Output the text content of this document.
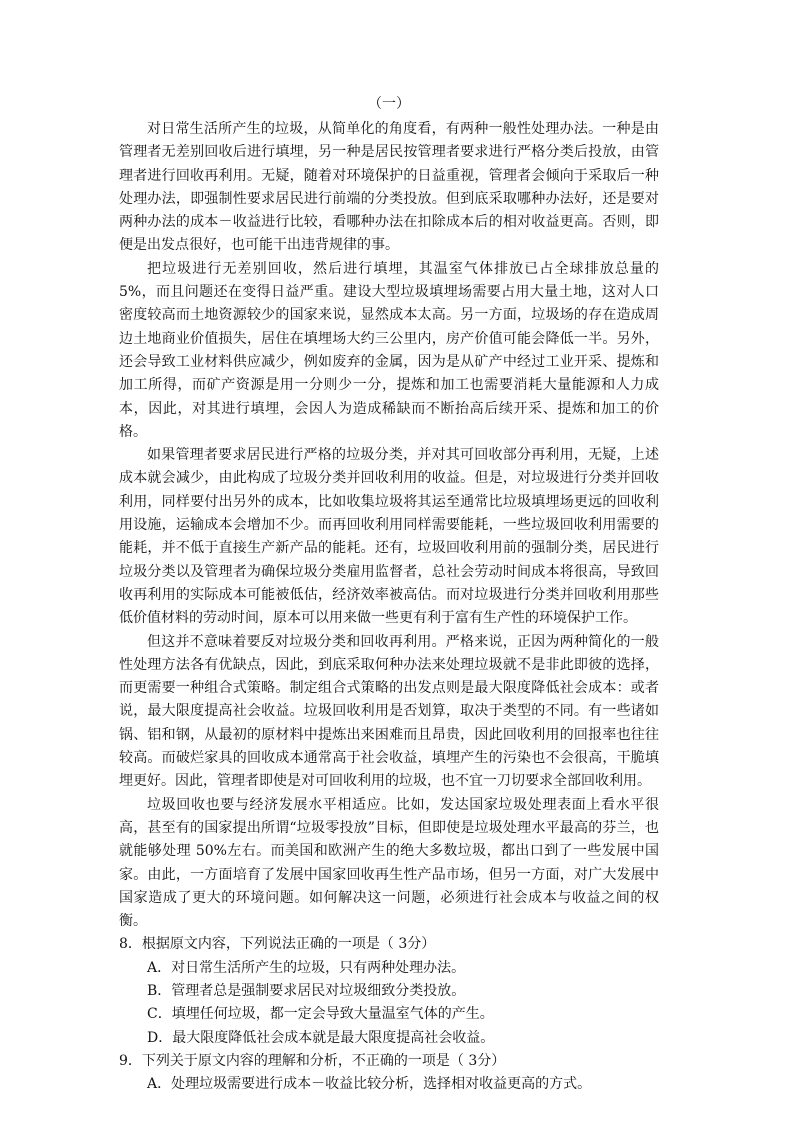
（一）

对日常生活所产生的垃圾，从简单化的角度看，有两种一般性处理办法。一种是由管理者无差别回收后进行填埋，另一种是居民按管理者要求进行严格分类后投放，由管理者进行回收再利用。无疑，随着对环境保护的日益重视，管理者会倾向于采取后一种处理办法，即强制性要求居民进行前端的分类投放。但到底采取哪种办法好，还是要对两种办法的成本－收益进行比较，看哪种办法在扣除成本后的相对收益更高。否则，即便是出发点很好，也可能干出违背规律的事。

把垃圾进行无差别回收，然后进行填埋，其温室气体排放已占全球排放总量的 5%，而且问题还在变得日益严重。建设大型垃圾填埋场需要占用大量土地，这对人口密度较高而土地资源较少的国家来说，显然成本太高。另一方面，垃圾场的存在造成周边土地商业价值损失，居住在填埋场大约三公里内，房产价值可能会降低一半。另外，还会导致工业材料供应减少，例如废弃的金属，因为是从矿产中经过工业开采、提炼和加工所得，而矿产资源是用一分则少一分，提炼和加工也需要消耗大量能源和人力成本，因此，对其进行填埋，会因人为造成稀缺而不断抬高后续开采、提炼和加工的价格。

如果管理者要求居民进行严格的垃圾分类，并对其可回收部分再利用，无疑，上述成本就会减少，由此构成了垃圾分类并回收利用的收益。但是，对垃圾进行分类并回收利用，同样要付出另外的成本，比如收集垃圾将其运至通常比垃圾填埋场更远的回收利用设施，运输成本会增加不少。而再回收利用同样需要能耗，一些垃圾回收利用需要的能耗，并不低于直接生产新产品的能耗。还有，垃圾回收利用前的强制分类，居民进行垃圾分类以及管理者为确保垃圾分类雇用监督者，总社会劳动时间成本将很高，导致回收再利用的实际成本可能被低估，经济效率被高估。而对垃圾进行分类并回收利用那些低价值材料的劳动时间，原本可以用来做一些更有利于富有生产性的环境保护工作。

但这并不意味着要反对垃圾分类和回收再利用。严格来说，正因为两种简化的一般性处理方法各有优缺点，因此，到底采取何种办法来处理垃圾就不是非此即彼的选择，而更需要一种组合式策略。制定组合式策略的出发点则是最大限度降低社会成本：或者说，最大限度提高社会收益。垃圾回收利用是否划算，取决于类型的不同。有一些诸如锅、铝和钢，从最初的原材料中提炼出来困难而且昂贵，因此回收利用的回报率也往往较高。而破烂家具的回收成本通常高于社会收益，填埋产生的污染也不会很高，干脆填埋更好。因此，管理者即使是对可回收利用的垃圾，也不宜一刀切要求全部回收利用。

垃圾回收也要与经济发展水平相适应。比如，发达国家垃圾处理表面上看水平很高，甚至有的国家提出所谓“垃圾零投放”目标，但即使是垃圾处理水平最高的芬兰，也就能够处理 50%左右。而美国和欧洲产生的绝大多数垃圾，都出口到了一些发展中国家。由此，一方面培育了发展中国家回收再生性产品市场，但另一方面，对广大发展中国家造成了更大的环境问题。如何解决这一问题，必须进行社会成本与收益之间的权衡。

8．根据原文内容，下列说法正确的一项是（ 3分）

A．对日常生活所产生的垃圾，只有两种处理办法。

B．管理者总是强制要求居民对垃圾细致分类投放。

C．填埋任何垃圾，都一定会导致大量温室气体的产生。

D．最大限度降低社会成本就是最大限度提高社会收益。

9．下列关于原文内容的理解和分析，不正确的一项是（ 3分）

A．处理垃圾需要进行成本－收益比较分析，选择相对收益更高的方式。
